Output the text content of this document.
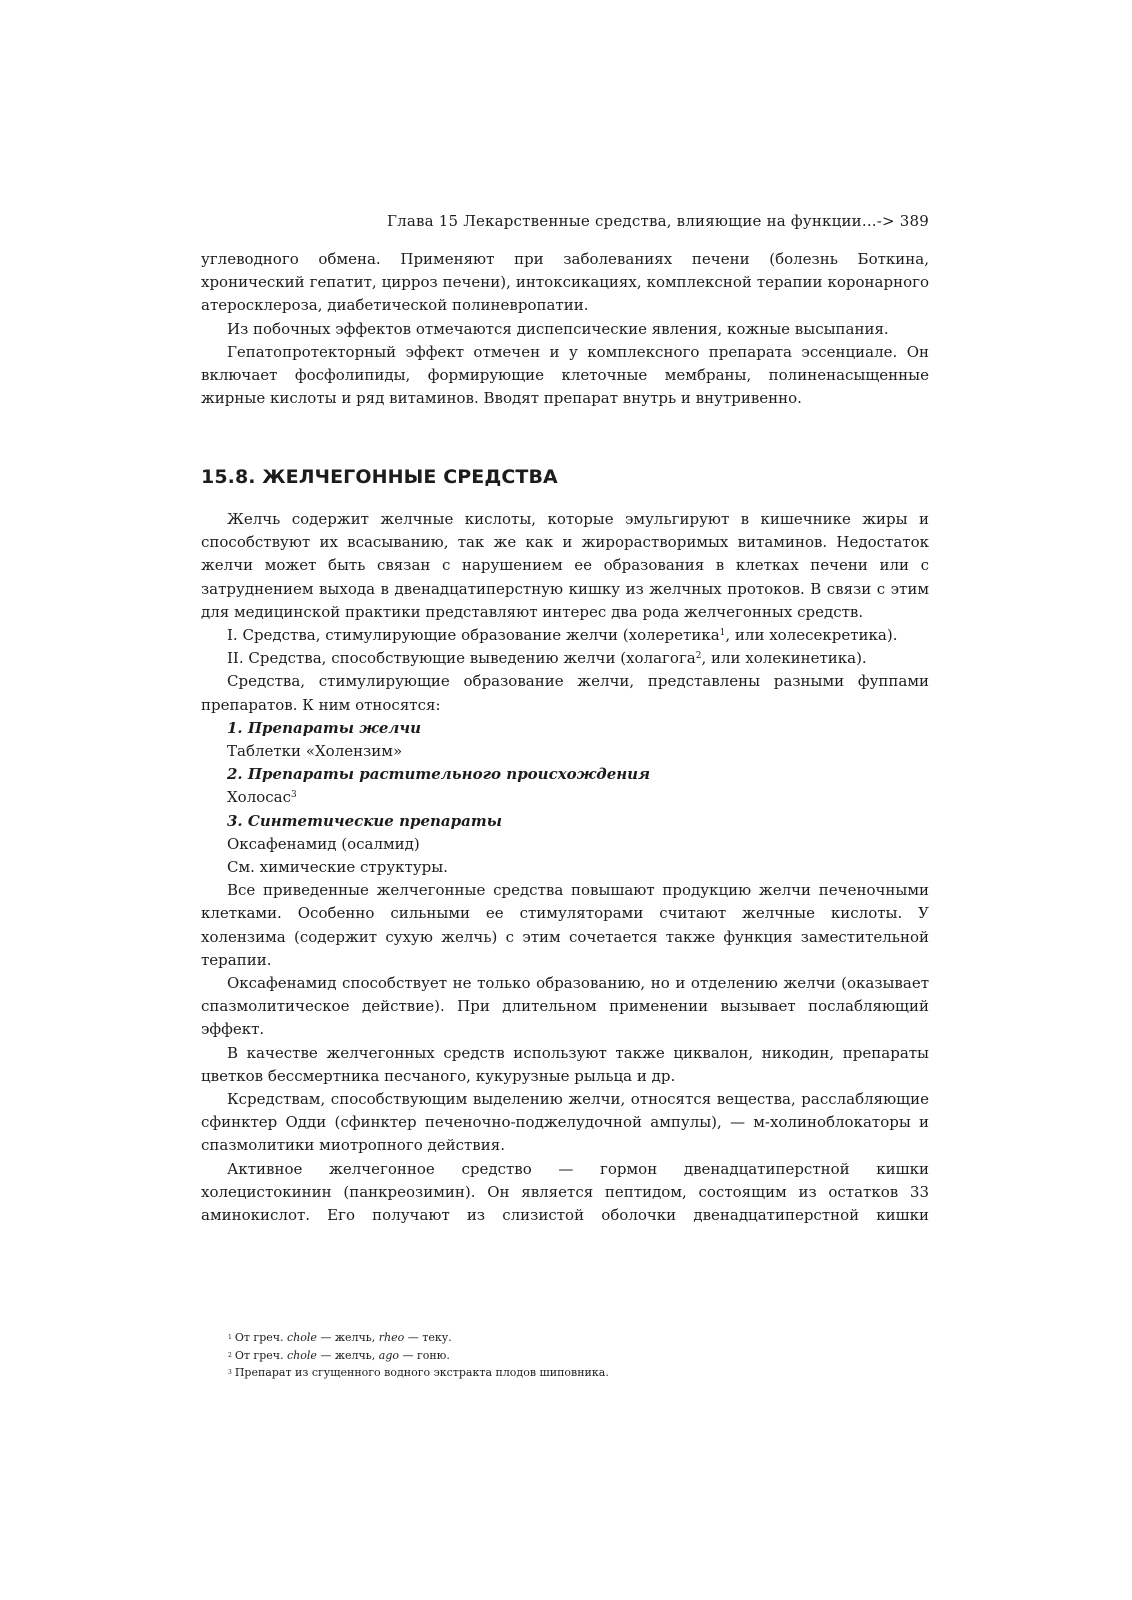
Глава 15 Лекарственные средства, влияющие на функции...-> 389

углеводного обмена. Применяют при заболеваниях печени (болезнь Боткина, хронический гепатит, цирроз печени), интоксикациях, комплексной терапии коронарного атеросклероза, диабетической полиневропатии.

Из побочных эффектов отмечаются диспепсические явления, кожные высыпания.

Гепатопротекторный эффект отмечен и у комплексного препарата эссенциале. Он включает фосфолипиды, формирующие клеточные мембраны, полиненасыщенные жирные кислоты и ряд витаминов. Вводят препарат внутрь и внутривенно.

15.8. ЖЕЛЧЕГОННЫЕ СРЕДСТВА

Желчь содержит желчные кислоты, которые эмульгируют в кишечнике жиры и способствуют их всасыванию, так же как и жирорастворимых витаминов. Недостаток желчи может быть связан с нарушением ее образования в клетках печени или с затруднением выхода в двенадцатиперстную кишку из желчных протоков. В связи с этим для медицинской практики представляют интерес два рода желчегонных средств.

I. Средства, стимулирующие образование желчи (холеретика$^1$, или холесекретика).

II. Средства, способствующие выведению желчи (холагога$^2$, или холекинетика).

Средства, стимулирующие образование желчи, представлены разными фуппами препаратов. К ним относятся:

1. Препараты желчи

Таблетки «Холензим»

2. Препараты растительного происхождения

Холосас$^3$

3. Синтетические препараты

Оксафенамид (осалмид)

См. химические структуры.

Все приведенные желчегонные средства повышают продукцию желчи печеночными клетками. Особенно сильными ее стимуляторами считают желчные кислоты. У холензима (содержит сухую желчь) с этим сочетается также функция заместительной терапии.

Оксафенамид способствует не только образованию, но и отделению желчи (оказывает спазмолитическое действие). При длительном применении вызывает послабляющий эффект.

В качестве желчегонных средств используют также циквалон, никодин, препараты цветков бессмертника песчаного, кукурузные рыльца и др.

Ксредствам, способствующим выделению желчи, относятся вещества, расслабляющие сфинктер Одди (сфинктер печеночно-поджелудочной ампулы), — м-холиноблокаторы и спазмолитики миотропного действия.

Активное желчегонное средство — гормон двенадцатиперстной кишки холецистокинин (панкреозимин). Он является пептидом, состоящим из остатков 33 аминокислот. Его получают из слизистой оболочки двенадцатиперстной кишки

1 От греч. chole — желчь, rheo — теку.

2 От греч. chole — желчь, ago — гоню.

3 Препарат из сгущенного водного экстракта плодов шиповника.
